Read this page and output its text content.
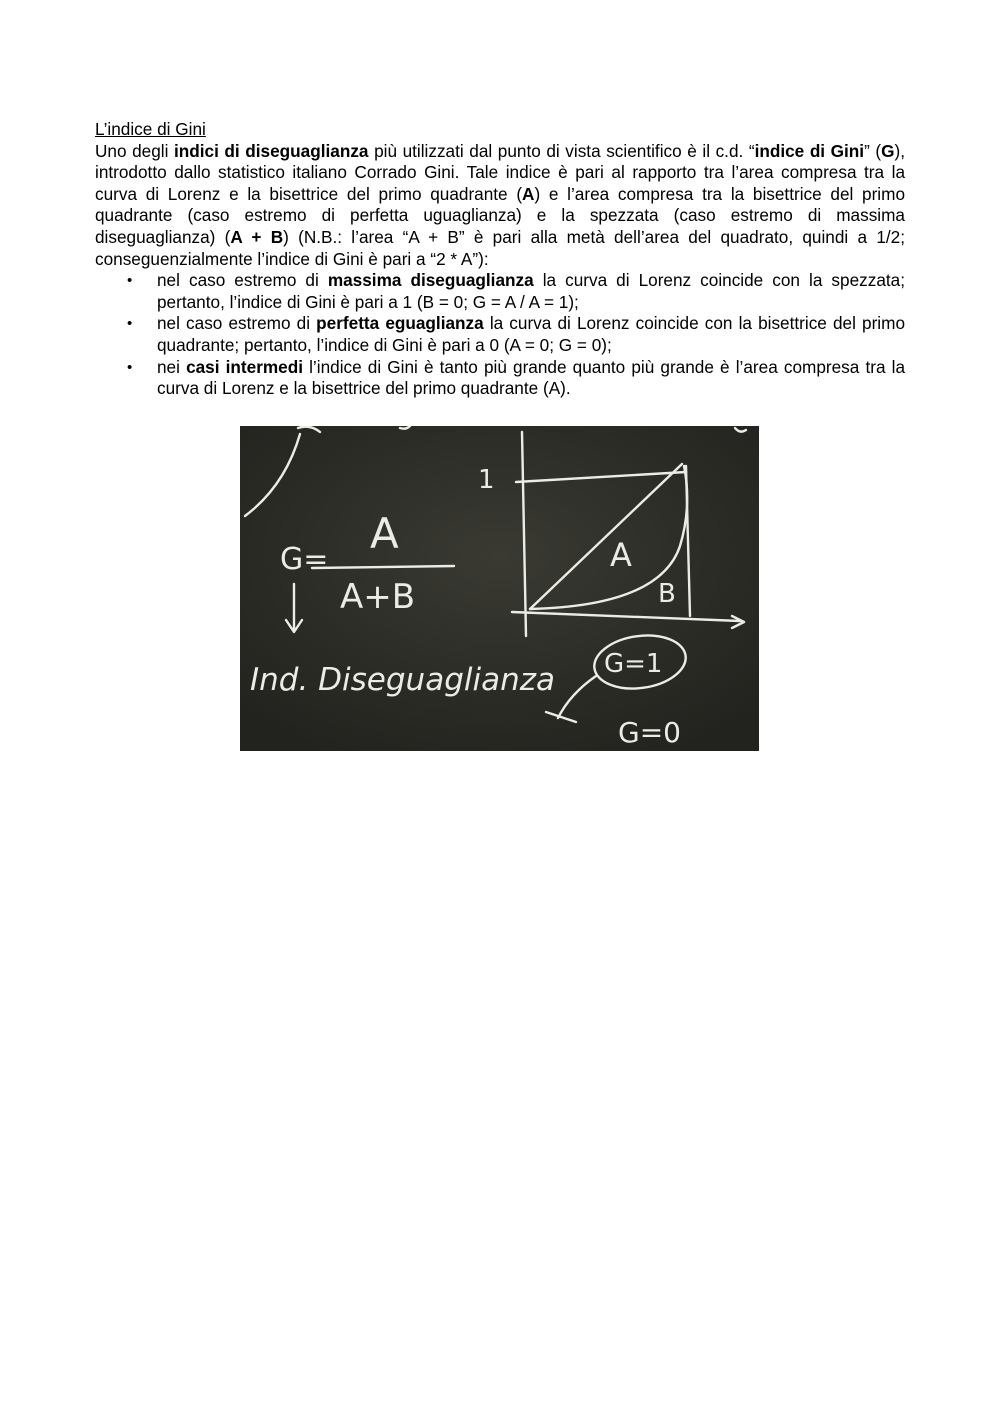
L’indice di Gini
Uno degli indici di diseguaglianza più utilizzati dal punto di vista scientifico è il c.d. “indice di Gini” (G), introdotto dallo statistico italiano Corrado Gini. Tale indice è pari al rapporto tra l’area compresa tra la curva di Lorenz e la bisettrice del primo quadrante (A) e l’area compresa tra la bisettrice del primo quadrante (caso estremo di perfetta uguaglianza) e la spezzata (caso estremo di massima diseguaglianza) (A + B) (N.B.: l’area “A + B” è pari alla metà dell’area del quadrato, quindi a 1/2; conseguenzialmente l’indice di Gini è pari a “2 * A”):
• nel caso estremo di massima diseguaglianza la curva di Lorenz coincide con la spezzata; pertanto, l’indice di Gini è pari a 1 (B = 0; G = A / A = 1);
• nel caso estremo di perfetta eguaglianza la curva di Lorenz coincide con la bisettrice del primo quadrante; pertanto, l’indice di Gini è pari a 0 (A = 0; G = 0);
• nei casi intermedi l’indice di Gini è tanto più grande quanto più grande è l’area compresa tra la curva di Lorenz e la bisettrice del primo quadrante (A).
G=
A
A+B
Ind. Diseguaglianza
1
A
B
G=1
G=0
